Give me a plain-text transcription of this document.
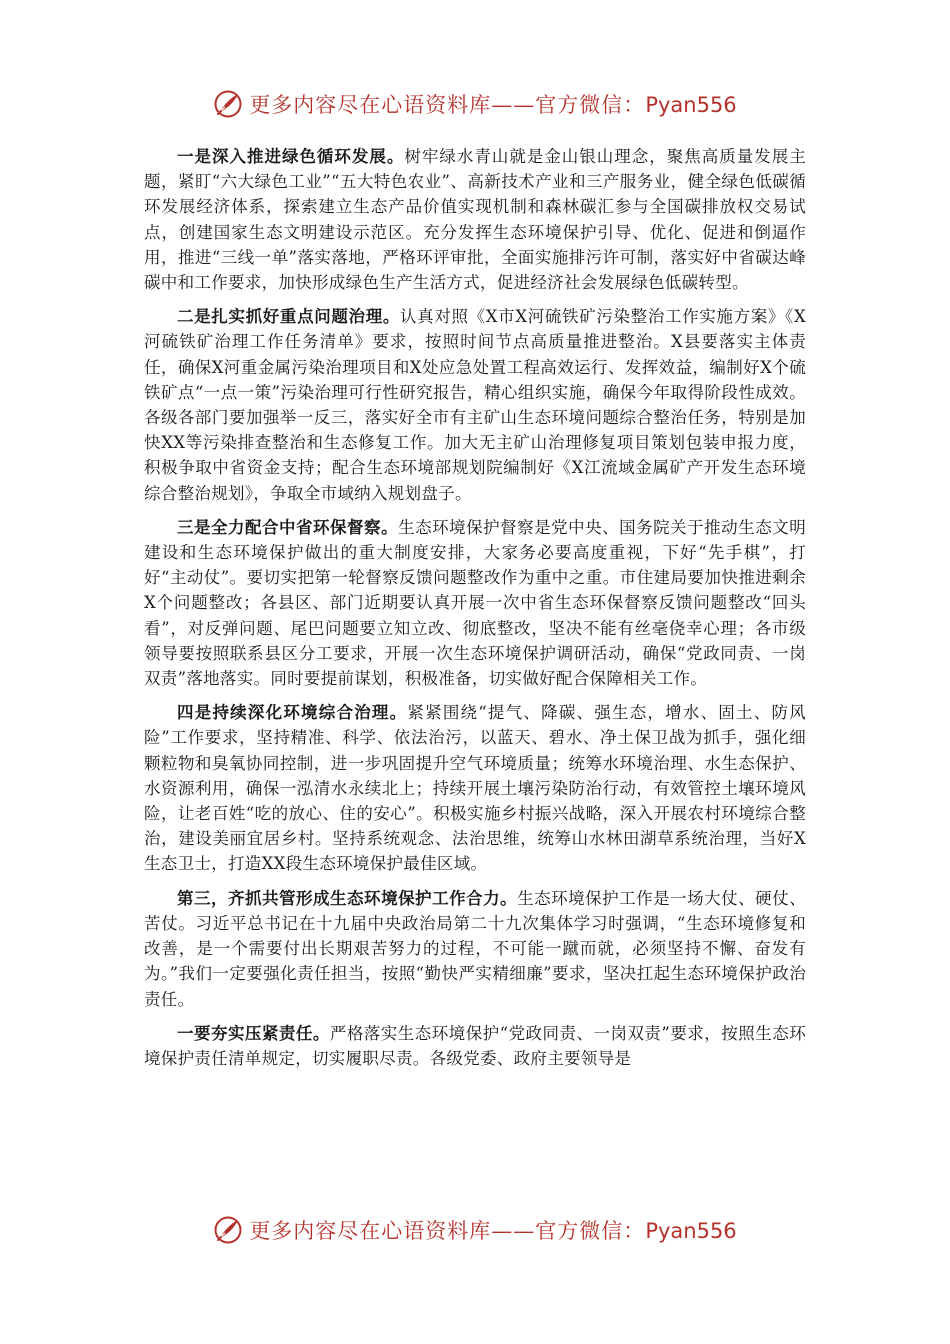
更多内容尽在心语资料库——官方微信：Pyan556

一是深入推进绿色循环发展。树牢绿水青山就是金山银山理念，聚焦高质量发展主题，紧盯“六大绿色工业”“五大特色农业”、高新技术产业和三产服务业，健全绿色低碳循环发展经济体系，探索建立生态产品价值实现机制和森林碳汇参与全国碳排放权交易试点，创建国家生态文明建设示范区。充分发挥生态环境保护引导、优化、促进和倒逼作用，推进“三线一单”落实落地，严格环评审批，全面实施排污许可制，落实好中省碳达峰碳中和工作要求，加快形成绿色生产生活方式，促进经济社会发展绿色低碳转型。

二是扎实抓好重点问题治理。认真对照《X市X河硫铁矿污染整治工作实施方案》《X河硫铁矿治理工作任务清单》要求，按照时间节点高质量推进整治。X县要落实主体责任，确保X河重金属污染治理项目和X处应急处置工程高效运行、发挥效益，编制好X个硫铁矿点“一点一策”污染治理可行性研究报告，精心组织实施，确保今年取得阶段性成效。各级各部门要加强举一反三，落实好全市有主矿山生态环境问题综合整治任务，特别是加快XX等污染排查整治和生态修复工作。加大无主矿山治理修复项目策划包装申报力度，积极争取中省资金支持；配合生态环境部规划院编制好《X江流域金属矿产开发生态环境综合整治规划》，争取全市域纳入规划盘子。

三是全力配合中省环保督察。生态环境保护督察是党中央、国务院关于推动生态文明建设和生态环境保护做出的重大制度安排，大家务必要高度重视，下好“先手棋”，打好“主动仗”。要切实把第一轮督察反馈问题整改作为重中之重。市住建局要加快推进剩余X个问题整改；各县区、部门近期要认真开展一次中省生态环保督察反馈问题整改“回头看”，对反弹问题、尾巴问题要立知立改、彻底整改，坚决不能有丝毫侥幸心理；各市级领导要按照联系县区分工要求，开展一次生态环境保护调研活动，确保“党政同责、一岗双责”落地落实。同时要提前谋划，积极准备，切实做好配合保障相关工作。

四是持续深化环境综合治理。紧紧围绕“提气、降碳、强生态，增水、固土、防风险”工作要求，坚持精准、科学、依法治污，以蓝天、碧水、净土保卫战为抓手，强化细颗粒物和臭氧协同控制，进一步巩固提升空气环境质量；统筹水环境治理、水生态保护、水资源利用，确保一泓清水永续北上；持续开展土壤污染防治行动，有效管控土壤环境风险，让老百姓“吃的放心、住的安心”。积极实施乡村振兴战略，深入开展农村环境综合整治，建设美丽宜居乡村。坚持系统观念、法治思维，统筹山水林田湖草系统治理，当好X生态卫士，打造XX段生态环境保护最佳区域。

第三，齐抓共管形成生态环境保护工作合力。生态环境保护工作是一场大仗、硬仗、苦仗。习近平总书记在十九届中央政治局第二十九次集体学习时强调，“生态环境修复和改善，是一个需要付出长期艰苦努力的过程，不可能一蹴而就，必须坚持不懈、奋发有为。”我们一定要强化责任担当，按照“勤快严实精细廉”要求，坚决扛起生态环境保护政治责任。

一要夯实压紧责任。严格落实生态环境保护“党政同责、一岗双责”要求，按照生态环境保护责任清单规定，切实履职尽责。各级党委、政府主要领导是

更多内容尽在心语资料库——官方微信：Pyan556
